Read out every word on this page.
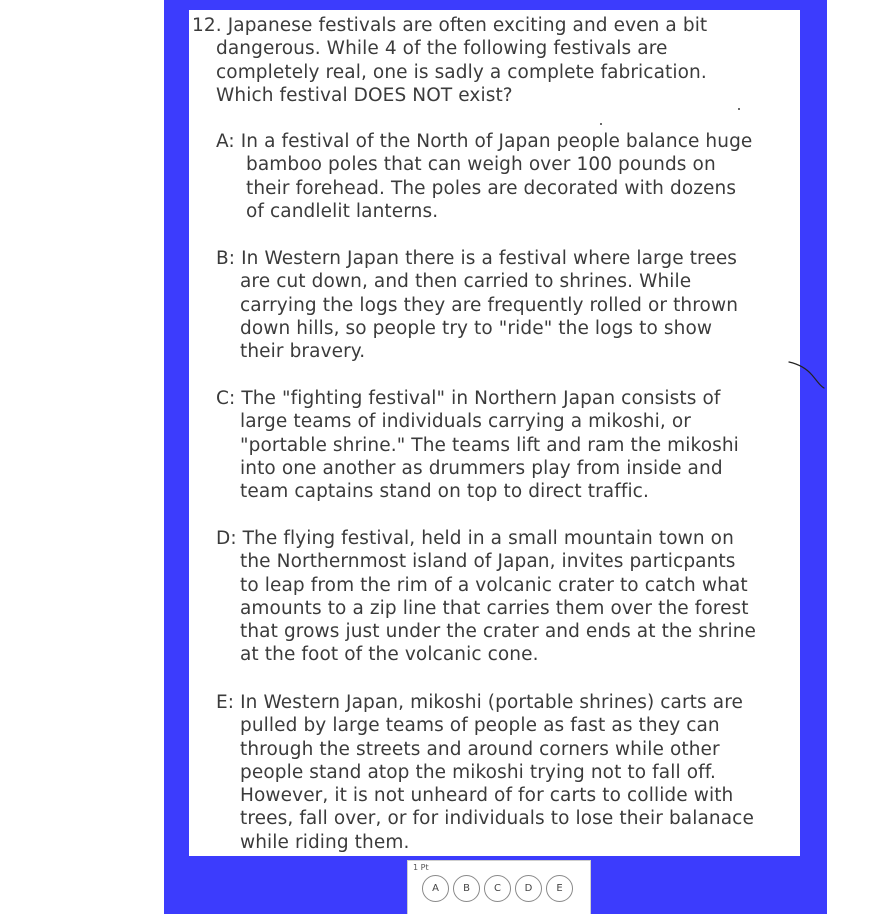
12. Japanese festivals are often exciting and even a bit
dangerous. While 4 of the following festivals are
completely real, one is sadly a complete fabrication.
Which festival DOES NOT exist?
A: In a festival of the North of Japan people balance huge
bamboo poles that can weigh over 100 pounds on
their forehead. The poles are decorated with dozens
of candlelit lanterns.
B: In Western Japan there is a festival where large trees
are cut down, and then carried to shrines. While
carrying the logs they are frequently rolled or thrown
down hills, so people try to "ride" the logs to show
their bravery.
C: The "fighting festival" in Northern Japan consists of
large teams of individuals carrying a mikoshi, or
"portable shrine." The teams lift and ram the mikoshi
into one another as drummers play from inside and
team captains stand on top to direct traffic.
D: The flying festival, held in a small mountain town on
the Northernmost island of Japan, invites particpants
to leap from the rim of a volcanic crater to catch what
amounts to a zip line that carries them over the forest
that grows just under the crater and ends at the shrine
at the foot of the volcanic cone.
E: In Western Japan, mikoshi (portable shrines) carts are
pulled by large teams of people as fast as they can
through the streets and around corners while other
people stand atop the mikoshi trying not to fall off.
However, it is not unheard of for carts to collide with
trees, fall over, or for individuals to lose their balanace
while riding them.
1 Pt
A	B	C	D	E
